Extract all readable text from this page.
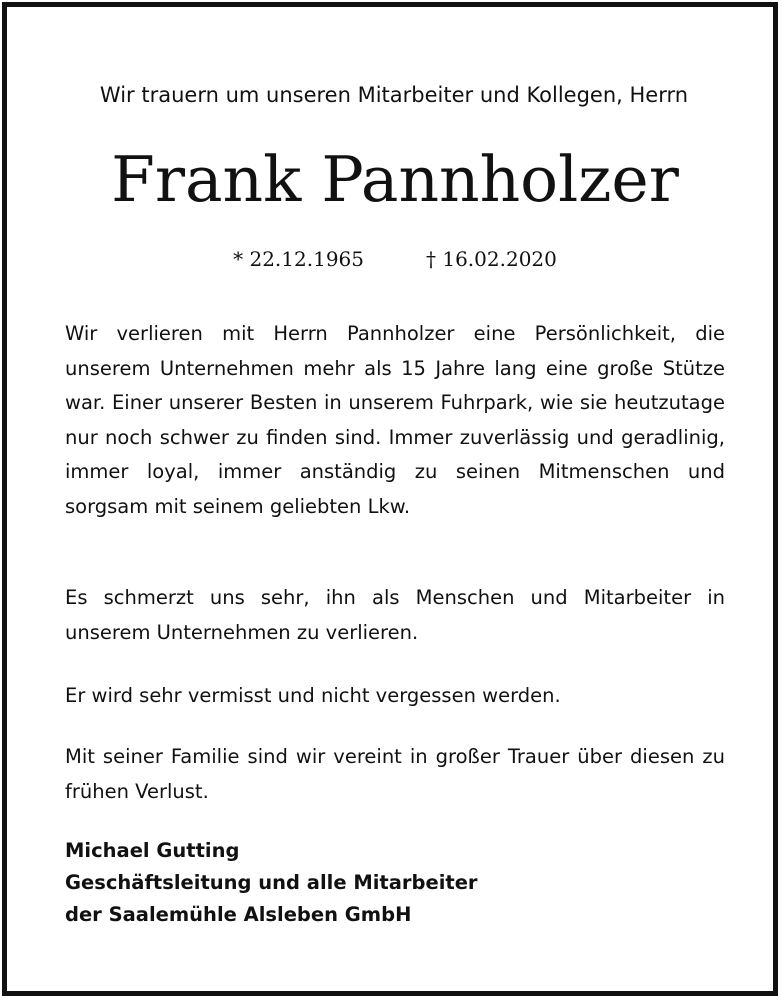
Wir trauern um unseren Mitarbeiter und Kollegen, Herrn
Frank Pannholzer
* 22.12.1965	† 16.02.2020

Wir verlieren mit Herrn Pannholzer eine Persönlichkeit, die unserem Unternehmen mehr als 15 Jahre lang eine große Stütze war. Einer unserer Besten in unserem Fuhrpark, wie sie heutzutage nur noch schwer zu finden sind. Immer zuverlässig und geradlinig, immer loyal, immer anständig zu seinen Mitmenschen und sorgsam mit seinem geliebten Lkw.

Es schmerzt uns sehr, ihn als Menschen und Mitarbeiter in unserem Unternehmen zu verlieren.

Er wird sehr vermisst und nicht vergessen werden.

Mit seiner Familie sind wir vereint in großer Trauer über diesen zu frühen Verlust.

Michael Gutting
Geschäftsleitung und alle Mitarbeiter
der Saalemühle Alsleben GmbH
